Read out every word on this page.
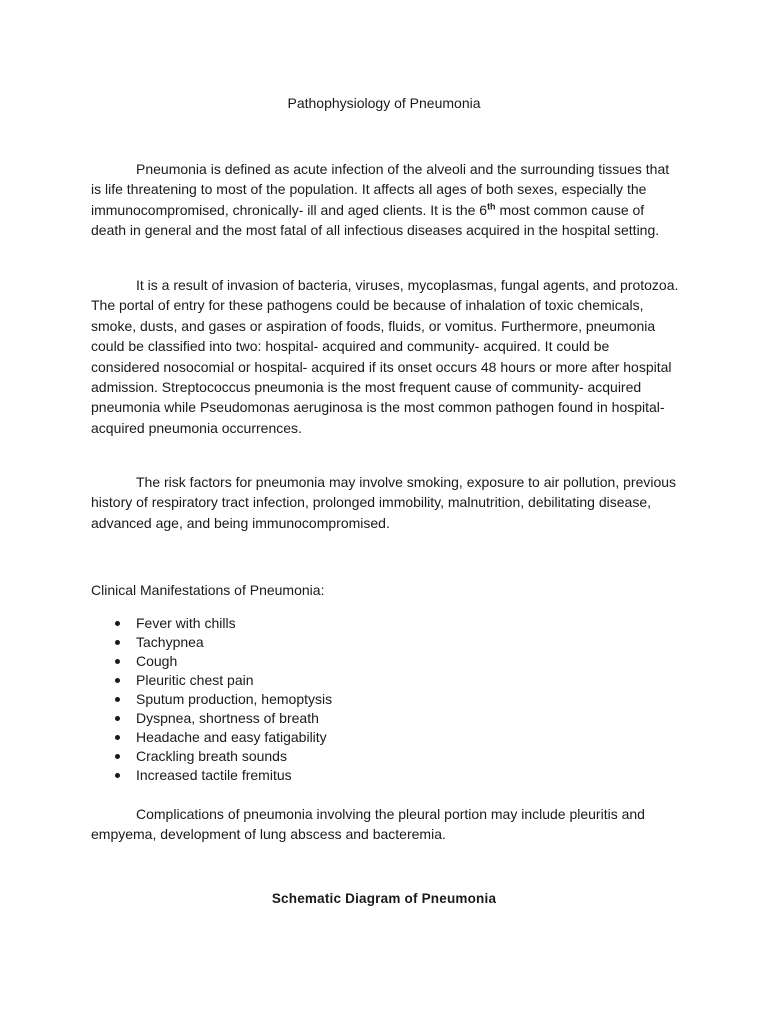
Pathophysiology of Pneumonia

Pneumonia is defined as acute infection of the alveoli and the surrounding tissues that is life threatening to most of the population. It affects all ages of both sexes, especially the immunocompromised, chronically- ill and aged clients. It is the 6th most common cause of death in general and the most fatal of all infectious diseases acquired in the hospital setting.

It is a result of invasion of bacteria, viruses, mycoplasmas, fungal agents, and protozoa. The portal of entry for these pathogens could be because of inhalation of toxic chemicals, smoke, dusts, and gases or aspiration of foods, fluids, or vomitus. Furthermore, pneumonia could be classified into two: hospital- acquired and community- acquired. It could be considered nosocomial or hospital- acquired if its onset occurs 48 hours or more after hospital admission. Streptococcus pneumonia is the most frequent cause of community- acquired pneumonia while Pseudomonas aeruginosa is the most common pathogen found in hospital- acquired pneumonia occurrences.

The risk factors for pneumonia may involve smoking, exposure to air pollution, previous history of respiratory tract infection, prolonged immobility, malnutrition, debilitating disease, advanced age, and being immunocompromised.

Clinical Manifestations of Pneumonia:
Fever with chills
Tachypnea
Cough
Pleuritic chest pain
Sputum production, hemoptysis
Dyspnea, shortness of breath
Headache and easy fatigability
Crackling breath sounds
Increased tactile fremitus

Complications of pneumonia involving the pleural portion may include pleuritis and empyema, development of lung abscess and bacteremia.

Schematic Diagram of Pneumonia
